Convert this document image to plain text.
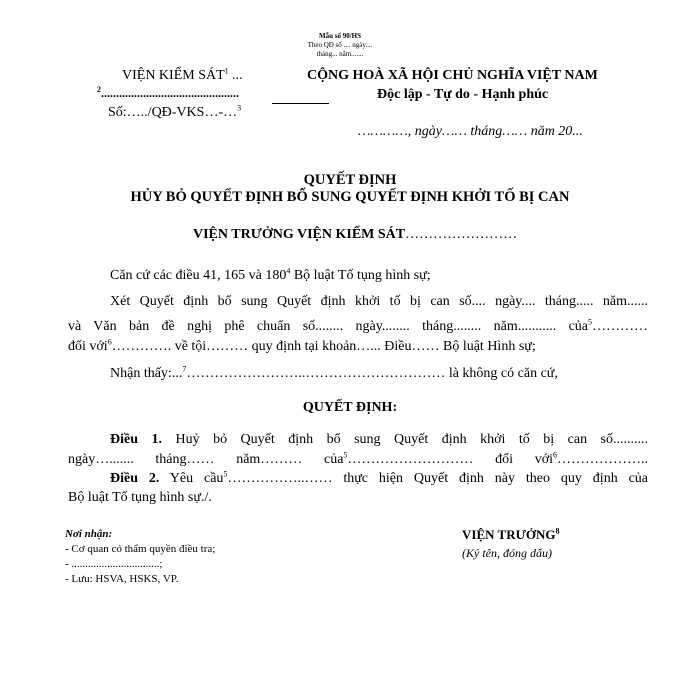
Mẫu số 90/HS
Theo QĐ số .... ngày....
tháng... năm.......
VIỆN KIỂM SÁT$^1$ ...
$^2$..............................................
Số:…../QĐ-VKS…-…$^3$
CỘNG HOÀ XÃ HỘI CHỦ NGHĨA VIỆT NAM
Độc lập - Tự do - Hạnh phúc
…………, ngày…… tháng…… năm 20...
QUYẾT ĐỊNH
HỦY BỎ QUYẾT ĐỊNH BỔ SUNG QUYẾT ĐỊNH KHỞI TỐ BỊ CAN
VIỆN TRƯỞNG VIỆN KIỂM SÁT……………………
Căn cứ các điều 41, 165 và $180^4$ Bộ luật Tố tụng hình sự;
Xét Quyết định bổ sung Quyết định khởi tố bị can số.... ngày.... tháng..... năm......
và Văn bản đề nghị phê chuẩn số........ ngày........ tháng........ năm........... của$^5$…………
đối với$^6$…………. về tội……… quy định tại khoản…... Điều…… Bộ luật Hình sự;
Nhận thấy:...$^7$……………………..………………………… là không có căn cứ,
QUYẾT ĐỊNH:
Điều 1. Huỷ bỏ Quyết định bổ sung Quyết định khởi tố bị can số..........
ngày…....... tháng…… năm……… của$^5$……………………… đối với$^6$………………..
Điều 2. Yêu cầu$^5$……………..…… thực hiện Quyết định này theo quy định của
Bộ luật Tố tụng hình sự./.
Nơi nhận:
- Cơ quan có thẩm quyền điều tra;
- ................................;
- Lưu: HSVA, HSKS, VP.
VIỆN TRƯỞNG$^8$
(Ký tên, đóng dấu)
